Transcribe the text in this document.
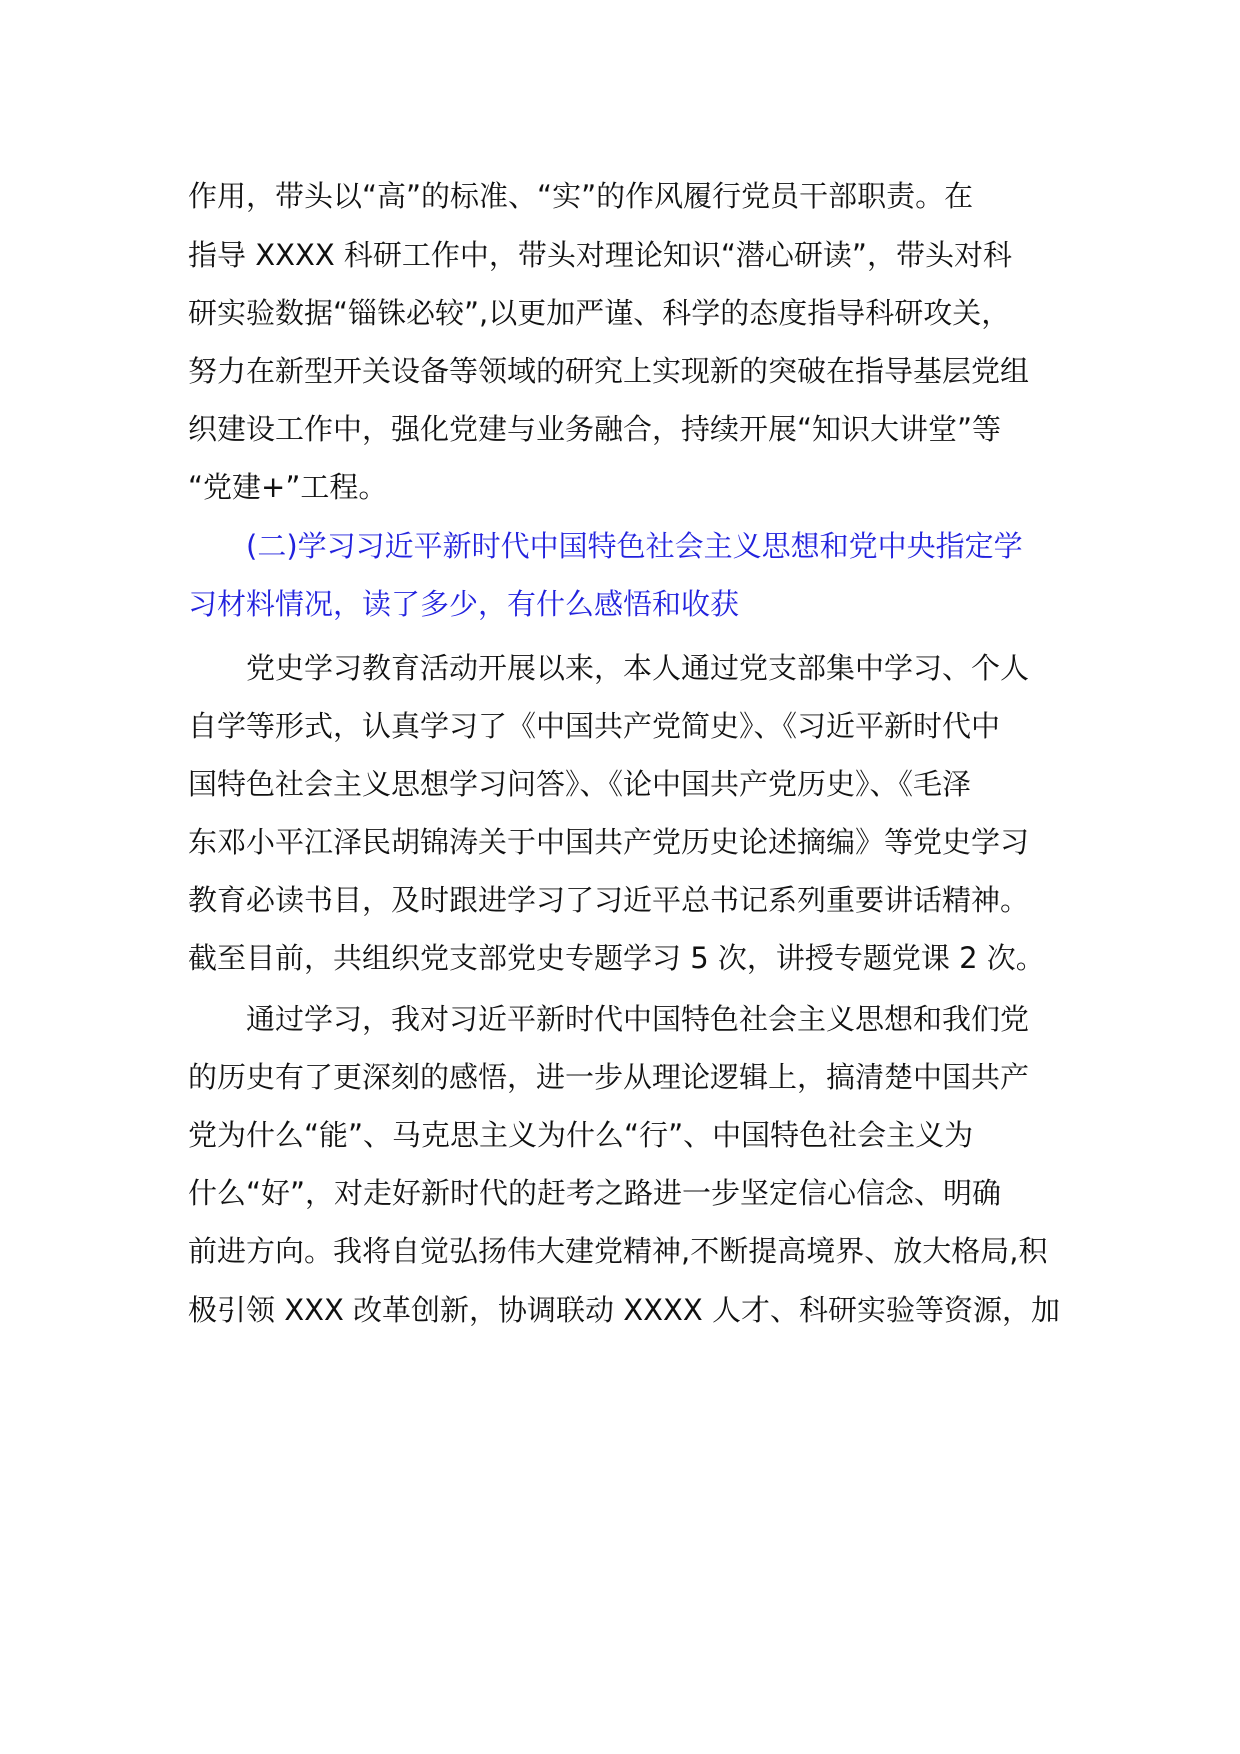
作用，带头以“高”的标准、“实”的作风履行党员干部职责。在

指导 XXXX 科研工作中，带头对理论知识“潜心研读”，带头对科

研实验数据“锱铢必较”,以更加严谨、科学的态度指导科研攻关，

努力在新型开关设备等领域的研究上实现新的突破在指导基层党组

织建设工作中，强化党建与业务融合，持续开展“知识大讲堂”等

“党建+”工程。

(二)学习习近平新时代中国特色社会主义思想和党中央指定学

习材料情况，读了多少，有什么感悟和收获

党史学习教育活动开展以来，本人通过党支部集中学习、个人

自学等形式，认真学习了《中国共产党简史》、《习近平新时代中

国特色社会主义思想学习问答》、《论中国共产党历史》、《毛泽

东邓小平江泽民胡锦涛关于中国共产党历史论述摘编》等党史学习

教育必读书目，及时跟进学习了习近平总书记系列重要讲话精神。

截至目前，共组织党支部党史专题学习 5 次，讲授专题党课 2 次。

通过学习，我对习近平新时代中国特色社会主义思想和我们党

的历史有了更深刻的感悟，进一步从理论逻辑上，搞清楚中国共产

党为什么“能”、马克思主义为什么“行”、中国特色社会主义为

什么“好”，对走好新时代的赶考之路进一步坚定信心信念、明确

前进方向。我将自觉弘扬伟大建党精神,不断提高境界、放大格局,积

极引领 XXX 改革创新，协调联动 XXXX 人才、科研实验等资源，加
